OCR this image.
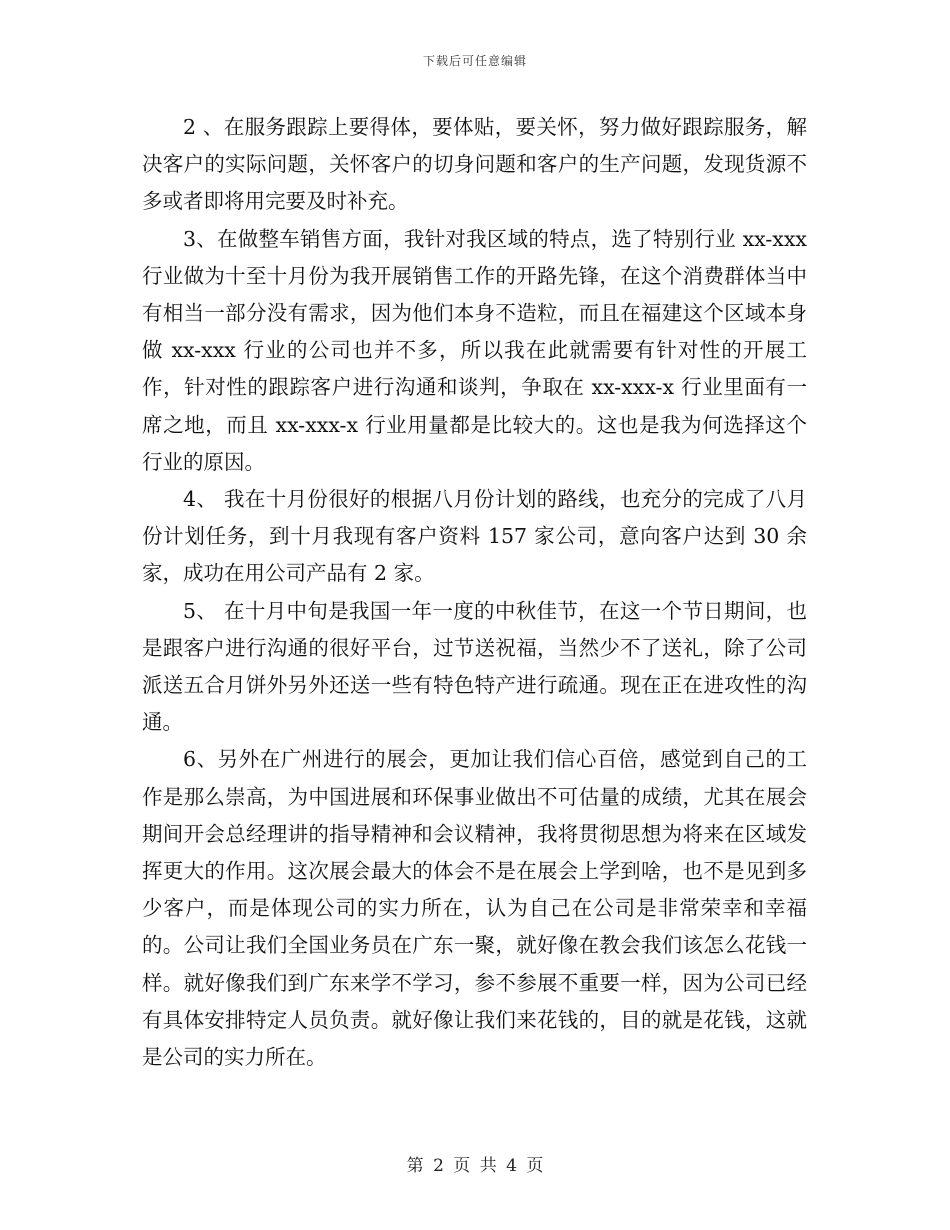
下载后可任意编辑

2 、在服务跟踪上要得体，要体贴，要关怀，努力做好跟踪服务，解决客户的实际问题，关怀客户的切身问题和客户的生产问题，发现货源不多或者即将用完要及时补充。

3、在做整车销售方面，我针对我区域的特点，选了特别行业 xx-xxx 行业做为十至十月份为我开展销售工作的开路先锋，在这个消费群体当中有相当一部分没有需求，因为他们本身不造粒，而且在福建这个区域本身做 xx-xxx 行业的公司也并不多，所以我在此就需要有针对性的开展工作，针对性的跟踪客户进行沟通和谈判，争取在 xx-xxx-x 行业里面有一席之地，而且 xx-xxx-x 行业用量都是比较大的。这也是我为何选择这个行业的原因。

4、 我在十月份很好的根据八月份计划的路线，也充分的完成了八月份计划任务，到十月我现有客户资料 157 家公司，意向客户达到 30 余家，成功在用公司产品有 2 家。

5、 在十月中旬是我国一年一度的中秋佳节，在这一个节日期间，也是跟客户进行沟通的很好平台，过节送祝福，当然少不了送礼，除了公司派送五合月饼外另外还送一些有特色特产进行疏通。现在正在进攻性的沟通。

6、另外在广州进行的展会，更加让我们信心百倍，感觉到自己的工作是那么崇高，为中国进展和环保事业做出不可估量的成绩，尤其在展会期间开会总经理讲的指导精神和会议精神，我将贯彻思想为将来在区域发挥更大的作用。这次展会最大的体会不是在展会上学到啥，也不是见到多少客户，而是体现公司的实力所在，认为自己在公司是非常荣幸和幸福的。公司让我们全国业务员在广东一聚，就好像在教会我们该怎么花钱一样。就好像我们到广东来学不学习，参不参展不重要一样，因为公司已经有具体安排特定人员负责。就好像让我们来花钱的，目的就是花钱，这就是公司的实力所在。

第 2 页 共 4 页
